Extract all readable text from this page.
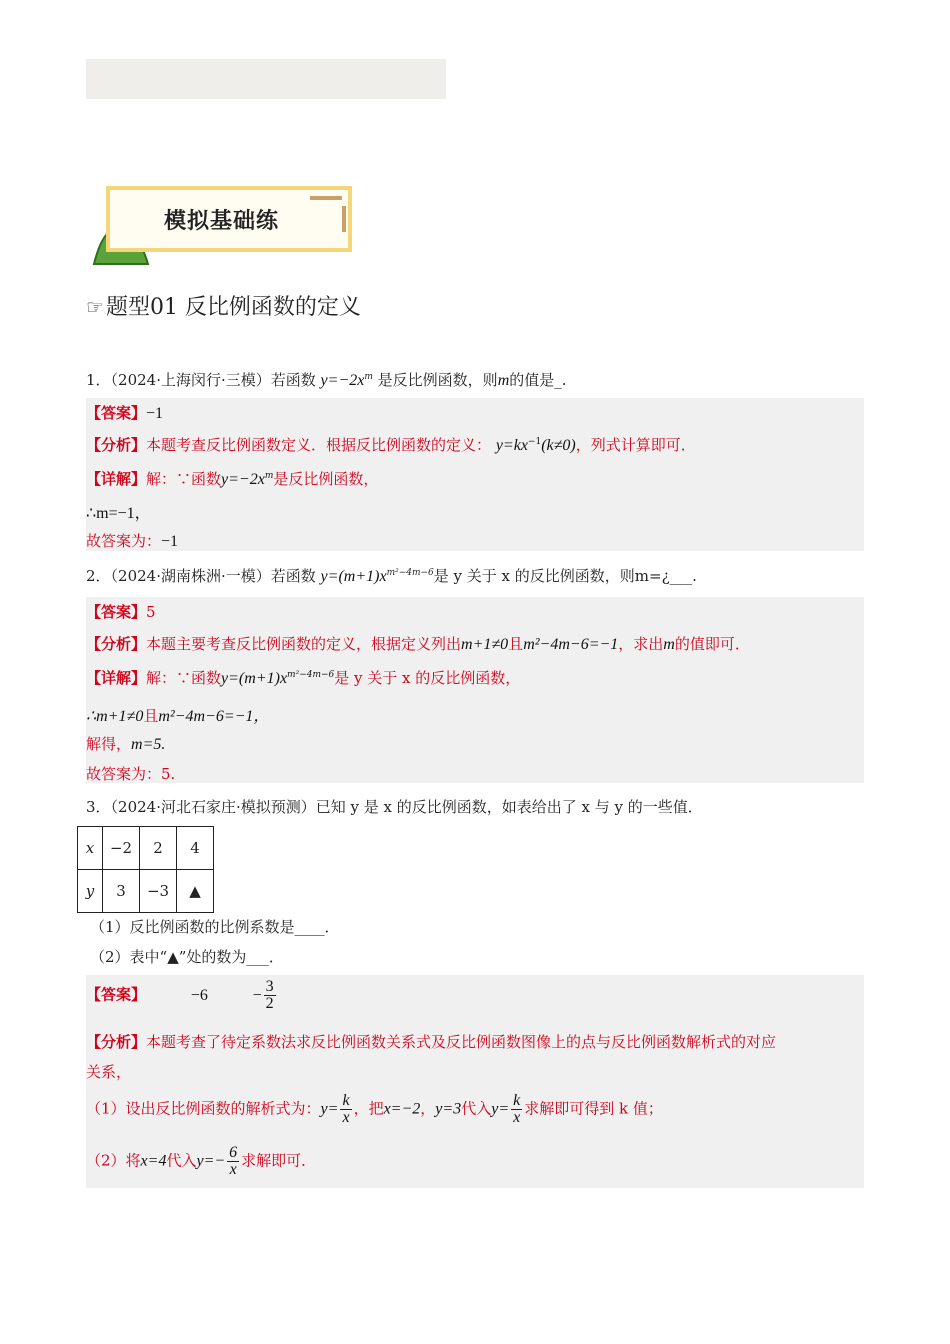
模拟基础练
☞题型01 反比例函数的定义
1．（2024·上海闵行·三模）若函数 $y=-2x^m$ 是反比例函数，则m的值是_.
【答案】−1
【分析】本题考查反比例函数定义．根据反比例函数的定义： $y=kx^{-1}(k\ne 0)$，列式计算即可．
【详解】解：∵函数$y=-2x^m$是反比例函数，
∴m=−1，
故答案为：−1
2．（2024·湖南株洲·一模）若函数 $y=(m+1)x^{m^2-4m-6}$是 y 关于 x 的反比例函数，则m=¿___.
【答案】5
【分析】本题主要考查反比例函数的定义，根据定义列出m+1≠0且m²−4m−6=−1，求出m的值即可．
【详解】解：∵函数$y=(m+1)x^{m^2-4m-6}$是 y 关于 x 的反比例函数，
∴m+1≠0且m²−4m−6=−1，
解得，m=5.
故答案为：5.
3．（2024·河北石家庄·模拟预测）已知 y 是 x 的反比例函数，如表给出了 x 与 y 的一些值．
x	−2	2	4
y	3	−3	▲
（1）反比例函数的比例系数是____．
（2）表中“▲”处的数为___．
【答案】	−6	− $\frac{3}{2}$
【分析】本题考查了待定系数法求反比例函数关系式及反比例函数图像上的点与反比例函数解析式的对应
关系，
（1）设出反比例函数的解析式为：$y= \frac{k}{x}$ ，把x=−2，y=3代入$y= \frac{k}{x}$ 求解即可得到 k 值；
（2）将x=4代入$y=- \frac{6}{x}$ 求解即可．
